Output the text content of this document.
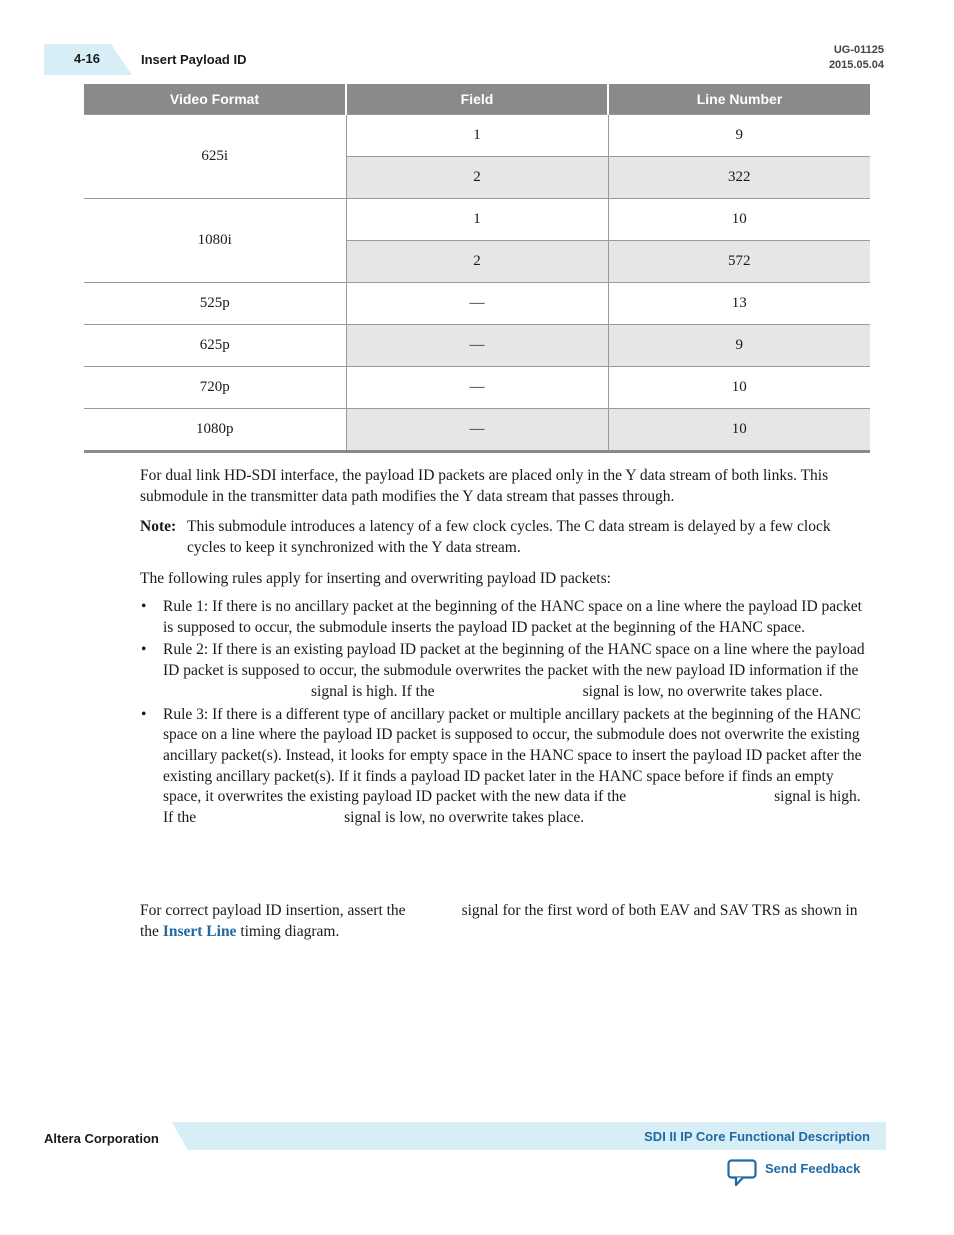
4-16	Insert Payload ID
UG-01125
2015.05.04
Video Format	Field	Line Number
625i	1	9
	2	322
1080i	1	10
	2	572
525p	—	13
625p	—	9
720p	—	10
1080p	—	10
For dual link HD-SDI interface, the payload ID packets are placed only in the Y data stream of both links. This submodule in the transmitter data path modifies the Y data stream that passes through.
Note: This submodule introduces a latency of a few clock cycles. The C data stream is delayed by a few clock cycles to keep it synchronized with the Y data stream.
The following rules apply for inserting and overwriting payload ID packets:
• Rule 1: If there is no ancillary packet at the beginning of the HANC space on a line where the payload ID packet is supposed to occur, the submodule inserts the payload ID packet at the beginning of the HANC space.
• Rule 2: If there is an existing payload ID packet at the beginning of the HANC space on a line where the payload ID packet is supposed to occur, the submodule overwrites the packet with the new payload ID information if thesignal is high. If the	signal is low, no overwrite takes place.
• Rule 3: If there is a different type of ancillary packet or multiple ancillary packets at the beginning of the HANC space on a line where the payload ID packet is supposed to occur, the submodule does not overwrite the existing ancillary packet(s). Instead, it looks for empty space in the HANC space to insert the payload ID packet after the existing ancillary packet(s). If it finds a payload ID packet later in the HANC space before if finds an empty space, it overwrites the existing payload ID packet with the new data if the	signal is high. If the	signal is low, no overwrite takes place.
For correct payload ID insertion, assert the	signal for the first word of both EAV and SAV TRS as shown in the Insert Line timing diagram.
Altera Corporation	SDI II IP Core Functional Description
Send Feedback
